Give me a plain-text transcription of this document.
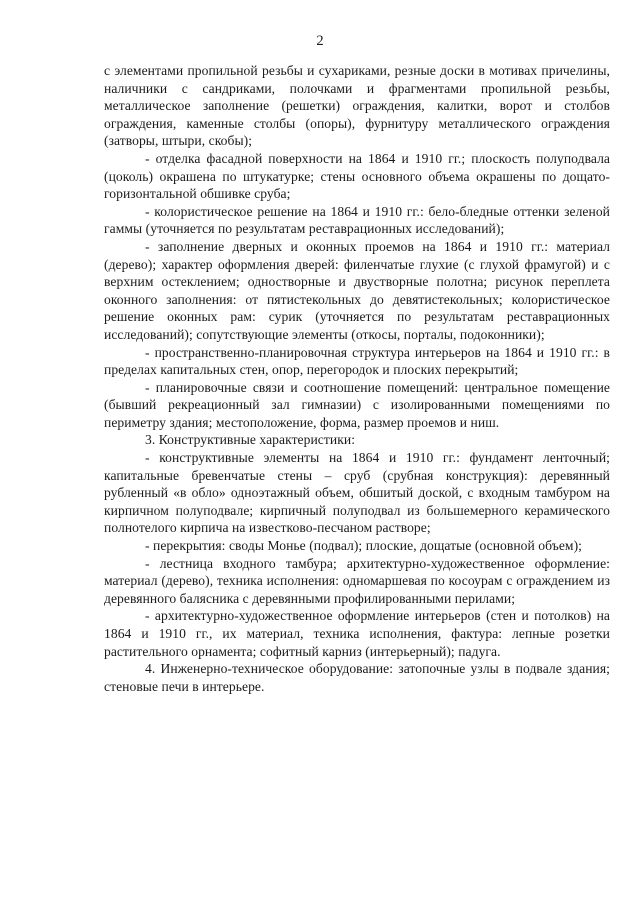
2

с элементами пропильной резьбы и сухариками, резные доски в мотивах причелины, наличники с сандриками, полочками и фрагментами пропильной резьбы, металлическое заполнение (решетки) ограждения, калитки, ворот и столбов ограждения, каменные столбы (опоры), фурнитуру металлического ограждения (затворы, штыри, скобы);

- отделка фасадной поверхности на 1864 и 1910 гг.; плоскость полуподвала (цоколь) окрашена по штукатурке; стены основного объема окрашены по дощато-горизонтальной обшивке сруба;

- колористическое решение на 1864 и 1910 гг.: бело-бледные оттенки зеленой гаммы (уточняется по результатам реставрационных исследований);

- заполнение дверных и оконных проемов на 1864 и 1910 гг.: материал (дерево); характер оформления дверей: филенчатые глухие (с глухой фрамугой) и с верхним остеклением; одностворные и двустворные полотна; рисунок переплета оконного заполнения: от пятистекольных до девятистекольных; колористическое решение оконных рам: сурик (уточняется по результатам реставрационных исследований); сопутствующие элементы (откосы, порталы, подоконники);

- пространственно-планировочная структура интерьеров на 1864 и 1910 гг.: в пределах капитальных стен, опор, перегородок и плоских перекрытий;

- планировочные связи и соотношение помещений: центральное помещение (бывший рекреационный зал гимназии) с изолированными помещениями по периметру здания; местоположение, форма, размер проемов и ниш.

3. Конструктивные характеристики:

- конструктивные элементы на 1864 и 1910 гг.: фундамент ленточный; капитальные бревенчатые стены – сруб (срубная конструкция): деревянный рубленный «в обло» одноэтажный объем, обшитый доской, с входным тамбуром на кирпичном полуподвале; кирпичный полуподвал из большемерного керамического полнотелого кирпича на известково-песчаном растворе;

- перекрытия: своды Монье (подвал); плоские, дощатые (основной объем);

- лестница входного тамбура; архитектурно-художественное оформление: материал (дерево), техника исполнения: одномаршевая по косоурам с ограждением из деревянного балясника с деревянными профилированными перилами;

- архитектурно-художественное оформление интерьеров (стен и потолков) на 1864 и 1910 гг., их материал, техника исполнения, фактура: лепные розетки растительного орнамента; софитный карниз (интерьерный); падуга.

4. Инженерно-техническое оборудование: затопочные узлы в подвале здания; стеновые печи в интерьере.
